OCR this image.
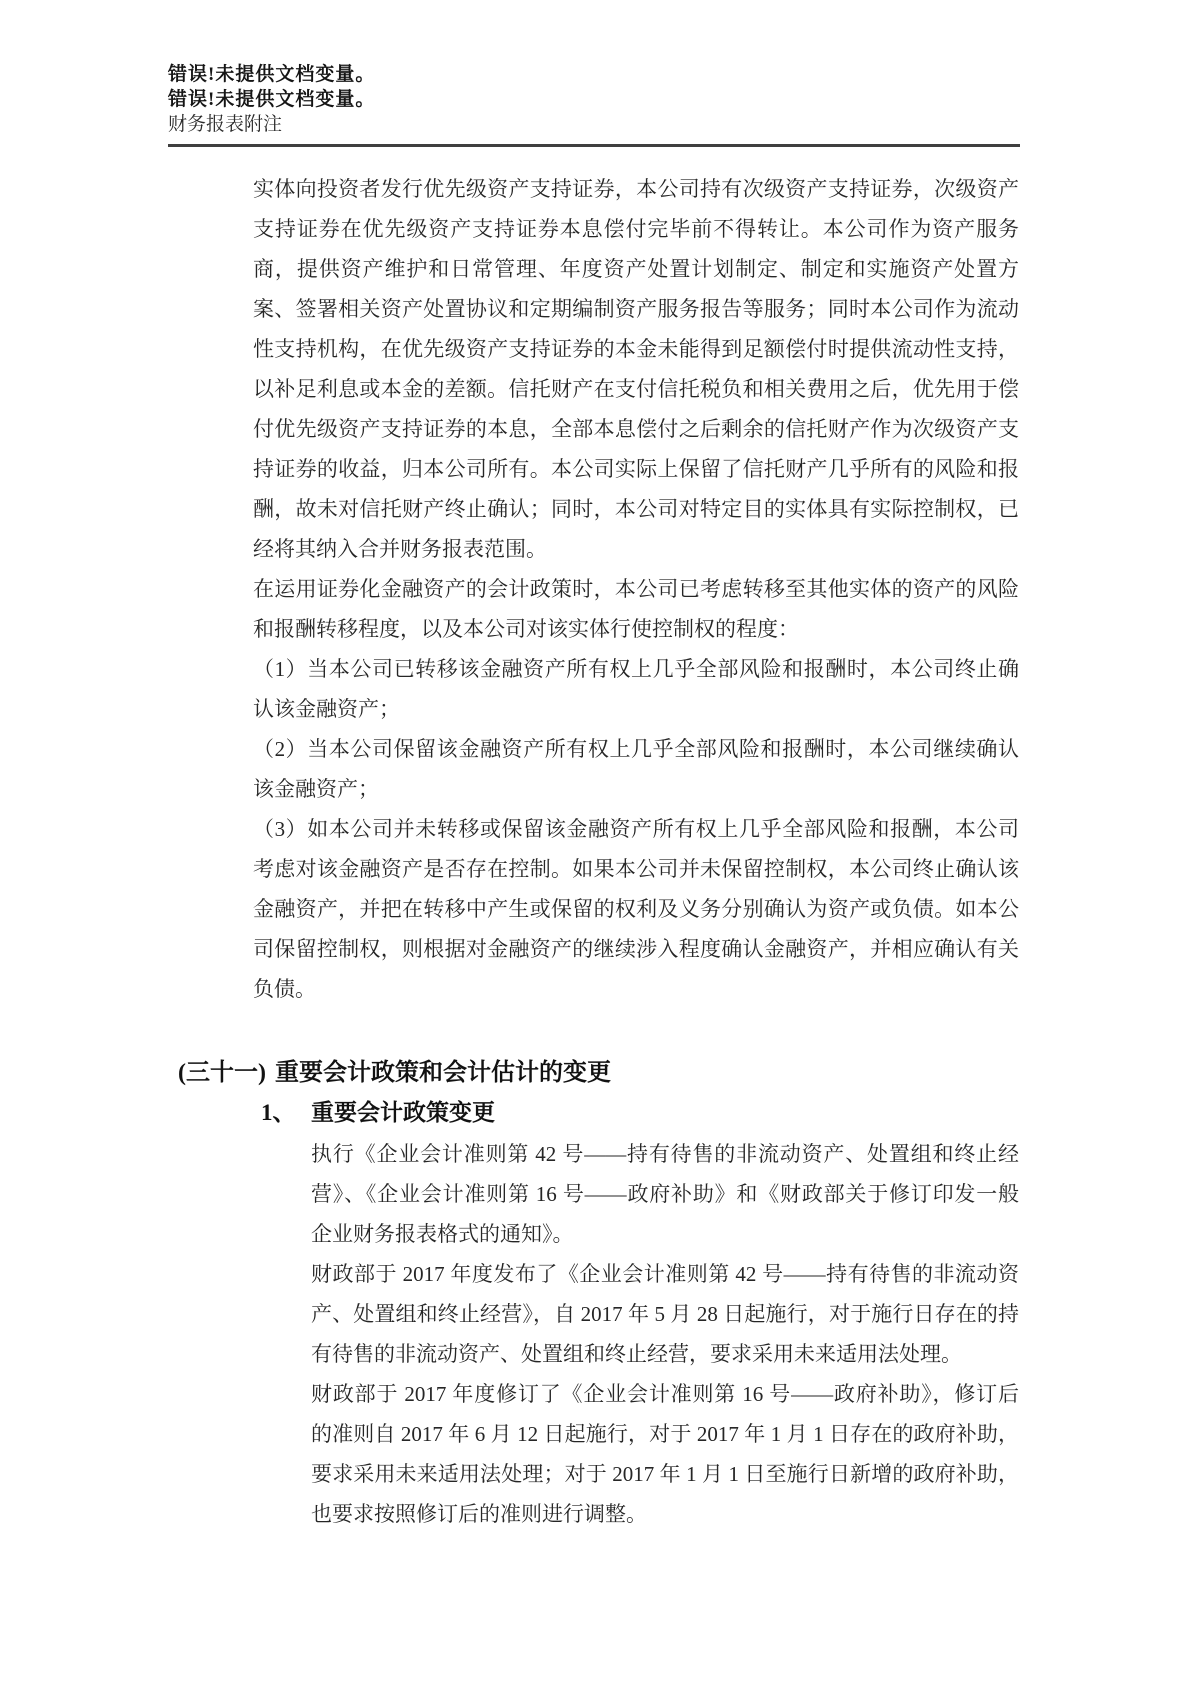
错误!未提供文档变量。
错误!未提供文档变量。
财务报表附注
实体向投资者发行优先级资产支持证券，本公司持有次级资产支持证券，次级资产
支持证券在优先级资产支持证券本息偿付完毕前不得转让。本公司作为资产服务
商，提供资产维护和日常管理、年度资产处置计划制定、制定和实施资产处置方
案、签署相关资产处置协议和定期编制资产服务报告等服务；同时本公司作为流动
性支持机构，在优先级资产支持证券的本金未能得到足额偿付时提供流动性支持，
以补足利息或本金的差额。信托财产在支付信托税负和相关费用之后，优先用于偿
付优先级资产支持证券的本息，全部本息偿付之后剩余的信托财产作为次级资产支
持证券的收益，归本公司所有。本公司实际上保留了信托财产几乎所有的风险和报
酬，故未对信托财产终止确认；同时，本公司对特定目的实体具有实际控制权，已
经将其纳入合并财务报表范围。
在运用证券化金融资产的会计政策时，本公司已考虑转移至其他实体的资产的风险
和报酬转移程度，以及本公司对该实体行使控制权的程度：
（1）当本公司已转移该金融资产所有权上几乎全部风险和报酬时，本公司终止确
认该金融资产；
（2）当本公司保留该金融资产所有权上几乎全部风险和报酬时，本公司继续确认
该金融资产；
（3）如本公司并未转移或保留该金融资产所有权上几乎全部风险和报酬，本公司
考虑对该金融资产是否存在控制。如果本公司并未保留控制权，本公司终止确认该
金融资产，并把在转移中产生或保留的权利及义务分别确认为资产或负债。如本公
司保留控制权，则根据对金融资产的继续涉入程度确认金融资产，并相应确认有关
负债。
(三十一) 重要会计政策和会计估计的变更
1、 重要会计政策变更
执行《企业会计准则第 42 号——持有待售的非流动资产、处置组和终止经
营》、《企业会计准则第 16 号——政府补助》和《财政部关于修订印发一般
企业财务报表格式的通知》。
财政部于 2017 年度发布了《企业会计准则第 42 号——持有待售的非流动资
产、处置组和终止经营》，自 2017 年 5 月 28 日起施行，对于施行日存在的持
有待售的非流动资产、处置组和终止经营，要求采用未来适用法处理。
财政部于 2017 年度修订了《企业会计准则第 16 号——政府补助》，修订后
的准则自 2017 年 6 月 12 日起施行，对于 2017 年 1 月 1 日存在的政府补助，
要求采用未来适用法处理；对于 2017 年 1 月 1 日至施行日新增的政府补助，
也要求按照修订后的准则进行调整。
